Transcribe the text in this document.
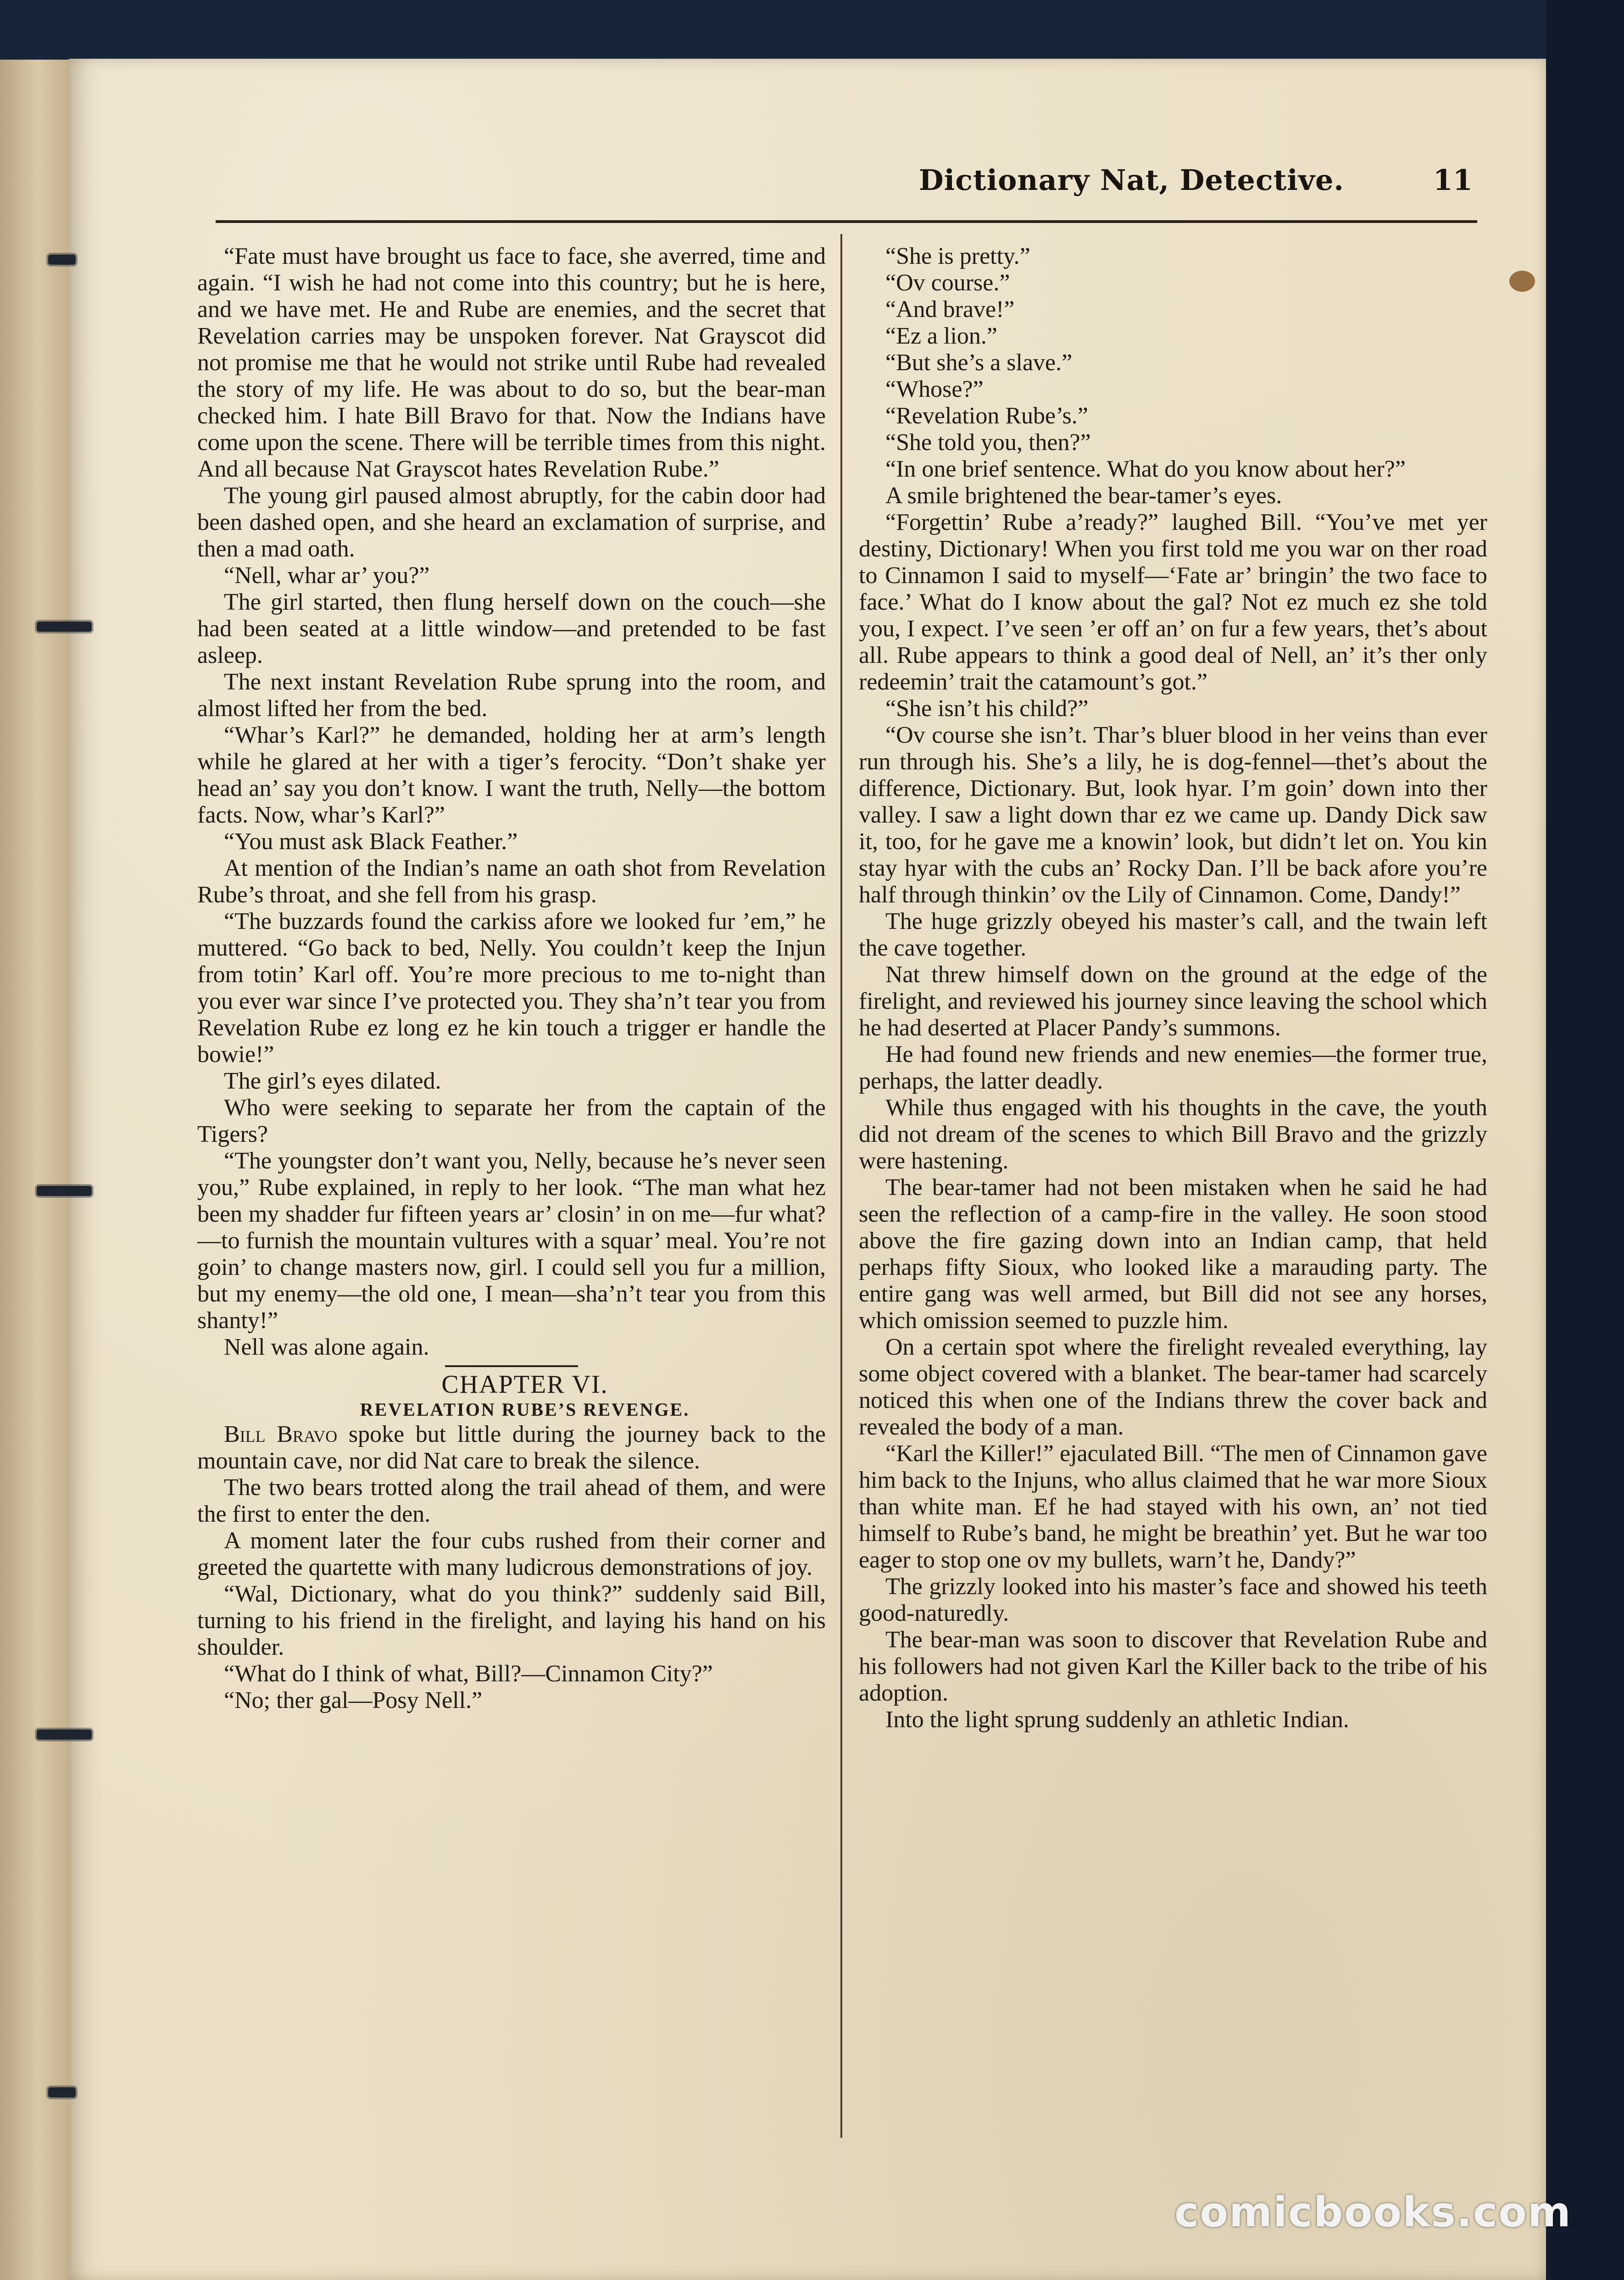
Dictionary Nat, Detective.	11

“Fate must have brought us face to face, she averred, time and again. “I wish he had not come into this country; but he is here, and we have met. He and Rube are enemies, and the secret that Revelation carries may be unspoken forever. Nat Grayscot did not promise me that he would not strike until Rube had revealed the story of my life. He was about to do so, but the bear-man checked him. I hate Bill Bravo for that. Now the Indians have come upon the scene. There will be terrible times from this night. And all because Nat Grayscot hates Revelation Rube.”

The young girl paused almost abruptly, for the cabin door had been dashed open, and she heard an exclamation of surprise, and then a mad oath.

“Nell, whar ar’ you?”

The girl started, then flung herself down on the couch—she had been seated at a little window—and pretended to be fast asleep.

The next instant Revelation Rube sprung into the room, and almost lifted her from the bed.

“Whar’s Karl?” he demanded, holding her at arm’s length while he glared at her with a tiger’s ferocity. “Don’t shake yer head an’ say you don’t know. I want the truth, Nelly—the bottom facts. Now, whar’s Karl?”

“You must ask Black Feather.”

At mention of the Indian’s name an oath shot from Revelation Rube’s throat, and she fell from his grasp.

“The buzzards found the carkiss afore we looked fur ’em,” he muttered. “Go back to bed, Nelly. You couldn’t keep the Injun from totin’ Karl off. You’re more precious to me to-night than you ever war since I’ve protected you. They sha’n’t tear you from Revelation Rube ez long ez he kin touch a trigger er handle the bowie!”

The girl’s eyes dilated.

Who were seeking to separate her from the captain of the Tigers?

“The youngster don’t want you, Nelly, because he’s never seen you,” Rube explained, in reply to her look. “The man what hez been my shadder fur fifteen years ar’ closin’ in on me—fur what?—to furnish the mountain vultures with a squar’ meal. You’re not goin’ to change masters now, girl. I could sell you fur a million, but my enemy—the old one, I mean—sha’n’t tear you from this shanty!”

Nell was alone again.

CHAPTER VI.

REVELATION RUBE’S REVENGE.

Bill Bravo spoke but little during the journey back to the mountain cave, nor did Nat care to break the silence.

The two bears trotted along the trail ahead of them, and were the first to enter the den.

A moment later the four cubs rushed from their corner and greeted the quartette with many ludicrous demonstrations of joy.

“Wal, Dictionary, what do you think?” suddenly said Bill, turning to his friend in the firelight, and laying his hand on his shoulder.

“What do I think of what, Bill?—Cinnamon City?”

“No; ther gal—Posy Nell.”

“She is pretty.”

“Ov course.”

“And brave!”

“Ez a lion.”

“But she’s a slave.”

“Whose?”

“Revelation Rube’s.”

“She told you, then?”

“In one brief sentence. What do you know about her?”

A smile brightened the bear-tamer’s eyes.

“Forgettin’ Rube a’ready?” laughed Bill. “You’ve met yer destiny, Dictionary! When you first told me you war on ther road to Cinnamon I said to myself—‘Fate ar’ bringin’ the two face to face.’ What do I know about the gal? Not ez much ez she told you, I expect. I’ve seen ’er off an’ on fur a few years, thet’s about all. Rube appears to think a good deal of Nell, an’ it’s ther only redeemin’ trait the catamount’s got.”

“She isn’t his child?”

“Ov course she isn’t. Thar’s bluer blood in her veins than ever run through his. She’s a lily, he is dog-fennel—thet’s about the difference, Dictionary. But, look hyar. I’m goin’ down into ther valley. I saw a light down thar ez we came up. Dandy Dick saw it, too, for he gave me a knowin’ look, but didn’t let on. You kin stay hyar with the cubs an’ Rocky Dan. I’ll be back afore you’re half through thinkin’ ov the Lily of Cinnamon. Come, Dandy!”

The huge grizzly obeyed his master’s call, and the twain left the cave together.

Nat threw himself down on the ground at the edge of the firelight, and reviewed his journey since leaving the school which he had deserted at Placer Pandy’s summons.

He had found new friends and new enemies—the former true, perhaps, the latter deadly.

While thus engaged with his thoughts in the cave, the youth did not dream of the scenes to which Bill Bravo and the grizzly were hastening.

The bear-tamer had not been mistaken when he said he had seen the reflection of a camp-fire in the valley. He soon stood above the fire gazing down into an Indian camp, that held perhaps fifty Sioux, who looked like a marauding party. The entire gang was well armed, but Bill did not see any horses, which omission seemed to puzzle him.

On a certain spot where the firelight revealed everything, lay some object covered with a blanket. The bear-tamer had scarcely noticed this when one of the Indians threw the cover back and revealed the body of a man.

“Karl the Killer!” ejaculated Bill. “The men of Cinnamon gave him back to the Injuns, who allus claimed that he war more Sioux than white man. Ef he had stayed with his own, an’ not tied himself to Rube’s band, he might be breathin’ yet. But he war too eager to stop one ov my bullets, warn’t he, Dandy?”

The grizzly looked into his master’s face and showed his teeth good-naturedly.

The bear-man was soon to discover that Revelation Rube and his followers had not given Karl the Killer back to the tribe of his adoption.

Into the light sprung suddenly an athletic Indian.

comicbooks.com
